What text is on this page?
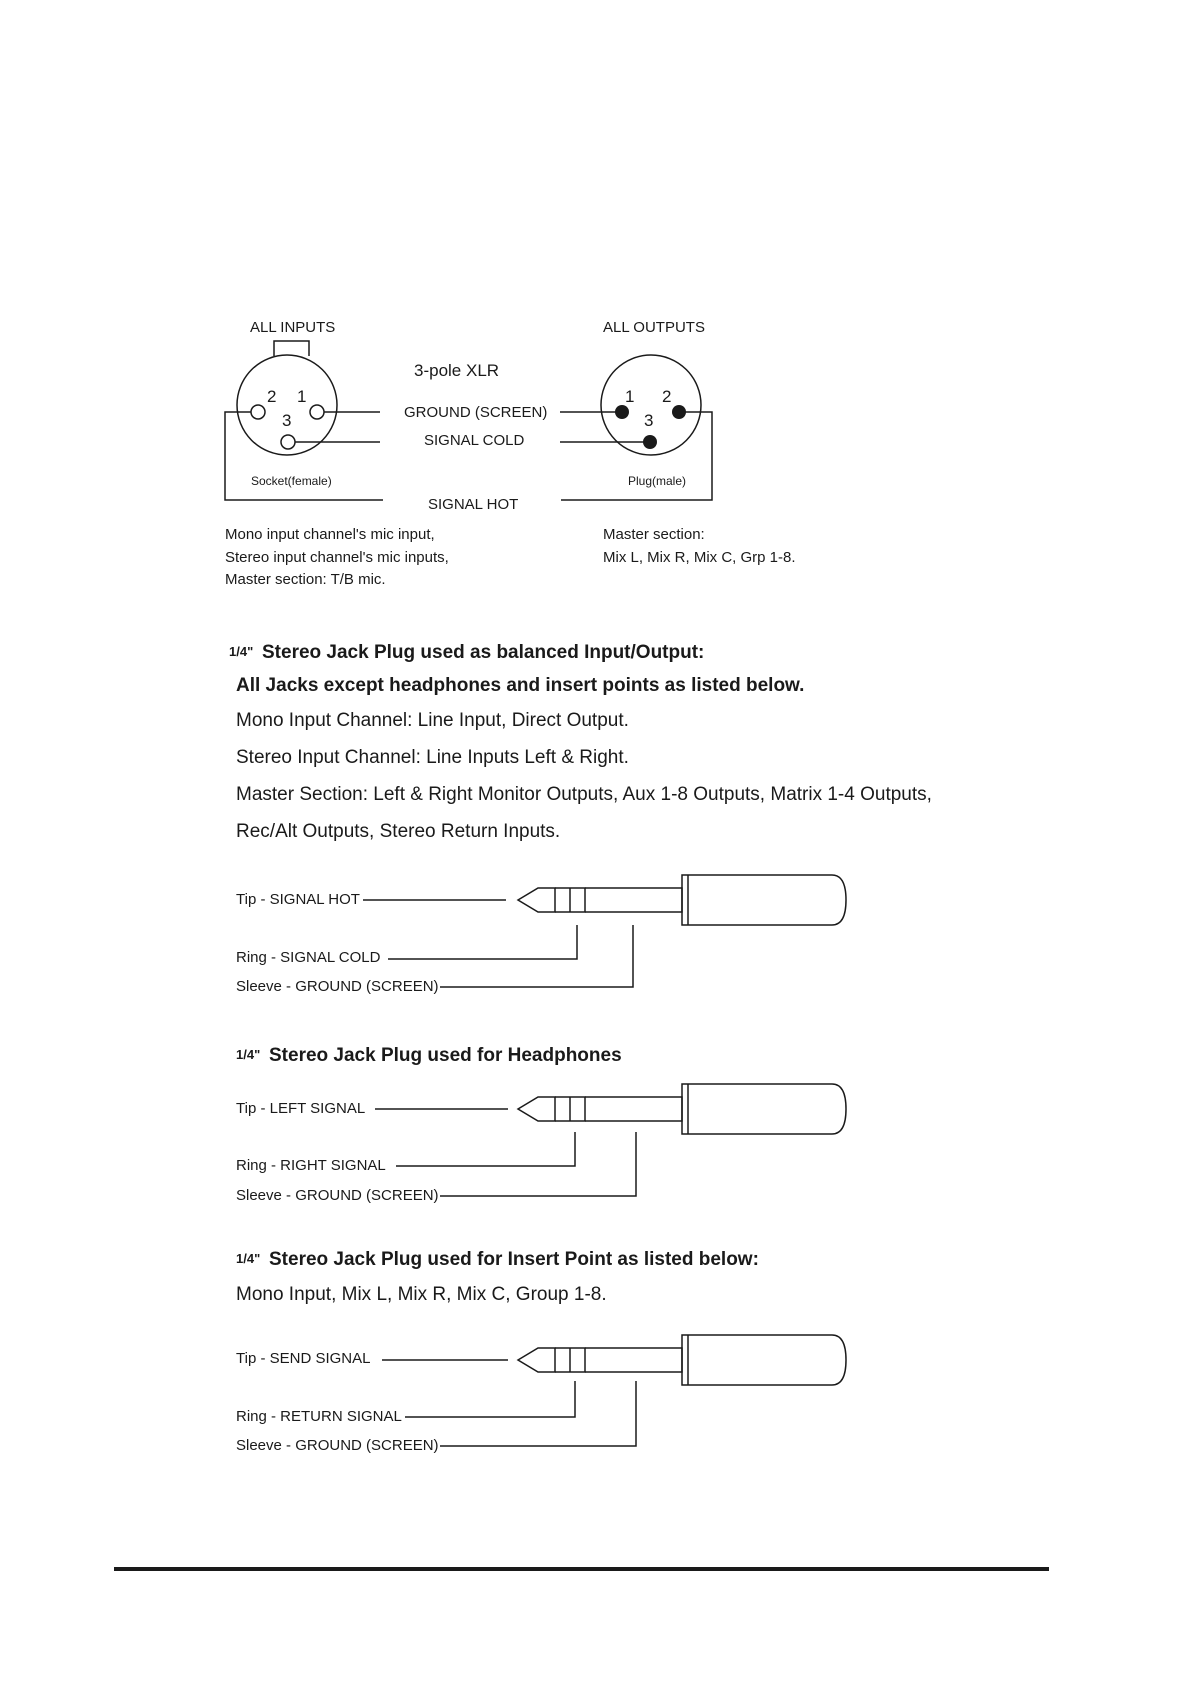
ALL INPUTS	ALL OUTPUTS
3-pole XLR
2 1
3
1 2
3
Socket(female)	Plug(male)
GROUND (SCREEN)
SIGNAL COLD
SIGNAL HOT
Mono input channel's mic input,
Stereo input channel's mic inputs,
Master section: T/B mic.
Master section:
Mix L, Mix R, Mix C, Grp 1-8.
1/4" Stereo Jack Plug used as balanced Input/Output:
All Jacks except headphones and insert points as listed below.
Mono Input Channel: Line Input, Direct Output.
Stereo Input Channel: Line Inputs Left & Right.
Master Section: Left & Right Monitor Outputs, Aux 1-8 Outputs, Matrix 1-4 Outputs,
Rec/Alt Outputs, Stereo Return Inputs.
Tip - SIGNAL HOT
Ring - SIGNAL COLD
Sleeve - GROUND (SCREEN)
1/4" Stereo Jack Plug used for Headphones
Tip - LEFT SIGNAL
Ring - RIGHT SIGNAL
Sleeve - GROUND (SCREEN)
1/4" Stereo Jack Plug used for Insert Point as listed below:
Mono Input, Mix L, Mix R, Mix C, Group 1-8.
Tip - SEND SIGNAL
Ring - RETURN SIGNAL
Sleeve - GROUND (SCREEN)
